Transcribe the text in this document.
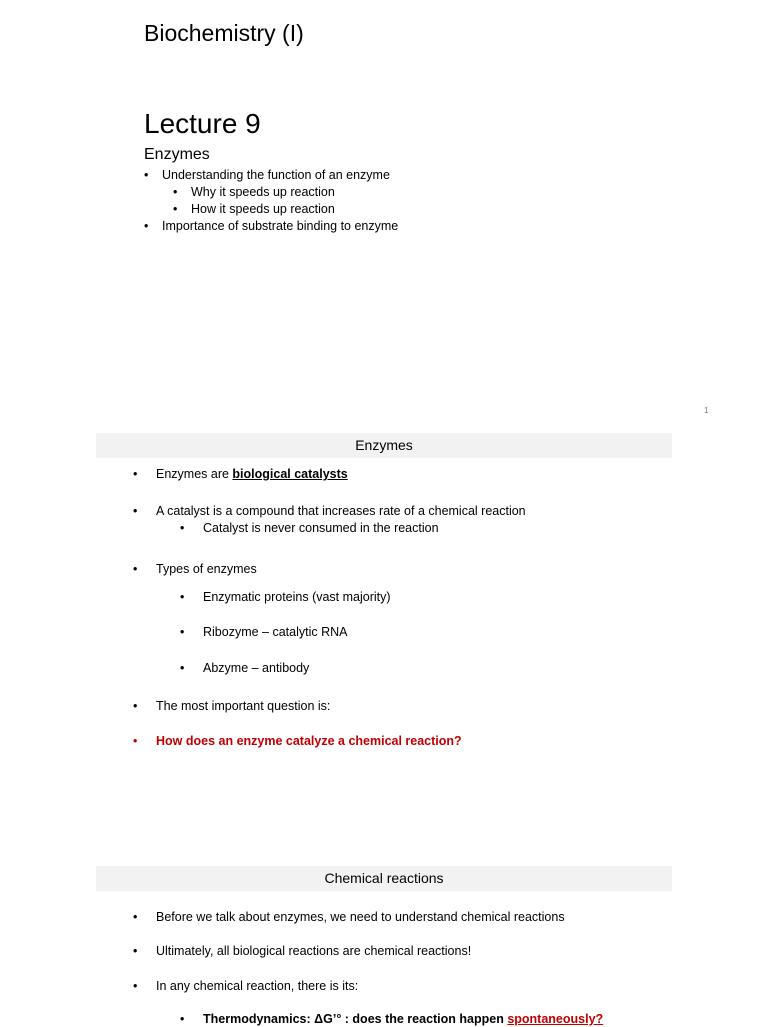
Biochemistry (I)
Lecture 9
Enzymes
• Understanding the function of an enzyme
• Why it speeds up reaction
• How it speeds up reaction
• Importance of substrate binding to enzyme
1
Enzymes
• Enzymes are biological catalysts
• A catalyst is a compound that increases rate of a chemical reaction
• Catalyst is never consumed in the reaction
• Types of enzymes
• Enzymatic proteins (vast majority)
• Ribozyme – catalytic RNA
• Abzyme – antibody
• The most important question is:
• How does an enzyme catalyze a chemical reaction?
Chemical reactions
• Before we talk about enzymes, we need to understand chemical reactions
• Ultimately, all biological reactions are chemical reactions!
• In any chemical reaction, there is its:
• Thermodynamics: ΔG’° : does the reaction happen spontaneously?
